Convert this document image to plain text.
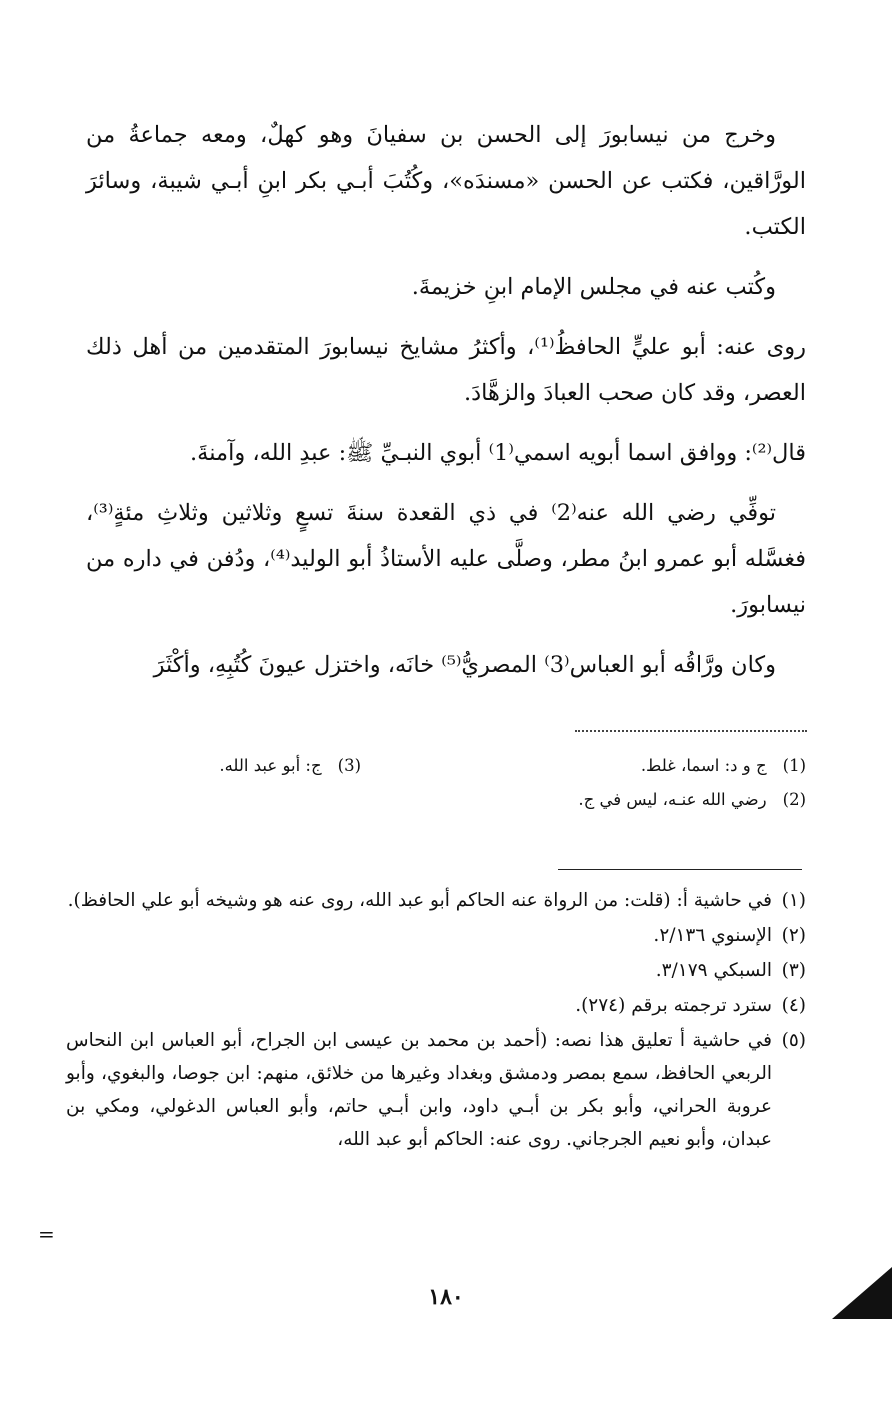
وخرج من نيسابورَ إلى الحسن بن سفيانَ وهو كهلٌ، ومعه جماعةُ من الورَّاقين، فكتب عن الحسن «مسندَه»، وكُتُبَ أبـي بكر ابنِ أبـي شيبة، وسائرَ الكتب.

وكُتب عنه في مجلس الإمام ابنِ خزيمةَ.

روى عنه: أبو عليٍّ الحافظُ⁽¹⁾، وأكثرُ مشايخ نيسابورَ المتقدمين من أهل ذلك العصر، وقد كان صحب العبادَ والزهَّادَ.

قال⁽²⁾: ووافق اسما أبويه اسمي⁽1⁾ أبوي النبـيِّ ﷺ: عبدِ الله، وآمنةَ.

توفِّي رضي الله عنه⁽2⁾ في ذي القعدة سنةَ تسعٍ وثلاثين وثلاثِ مئةٍ⁽³⁾، فغسَّله أبو عمرو ابنُ مطر، وصلَّى عليه الأستاذُ أبو الوليد⁽⁴⁾، ودُفن في داره من نيسابورَ.

وكان ورَّاقُه أبو العباس⁽3⁾ المصريُّ⁽⁵⁾ خانَه، واختزل عيونَ كُتُبِهِ، وأكْثَرَ

(1)ج و د: اسما، غلط.
(3)ج: أبو عبد الله.
(2)رضي الله عنـه، ليس في ج.
(١)
في حاشية أ: (قلت: من الرواة عنه الحاكم أبو عبد الله، روى عنه هو وشيخه أبو علي الحافظ).
(٢)
الإسنوي ٢/١٣٦.
(٣)
السبكي ٣/١٧٩.
(٤)
سترد ترجمته برقم (٢٧٤).
(٥)
في حاشية أ تعليق هذا نصه: (أحمد بن محمد بن عيسى ابن الجراح، أبو العباس ابن النحاس الربعي الحافظ، سمع بمصر ودمشق وبغداد وغيرها من خلائق، منهم: ابن جوصا، والبغوي، وأبو عروبة الحراني، وأبو بكر بن أبـي داود، وابن أبـي حاتم، وأبو العباس الدغولي، ومكي بن عبدان، وأبو نعيم الجرجاني. روى عنه: الحاكم أبو عبد الله،
=
١٨٠
